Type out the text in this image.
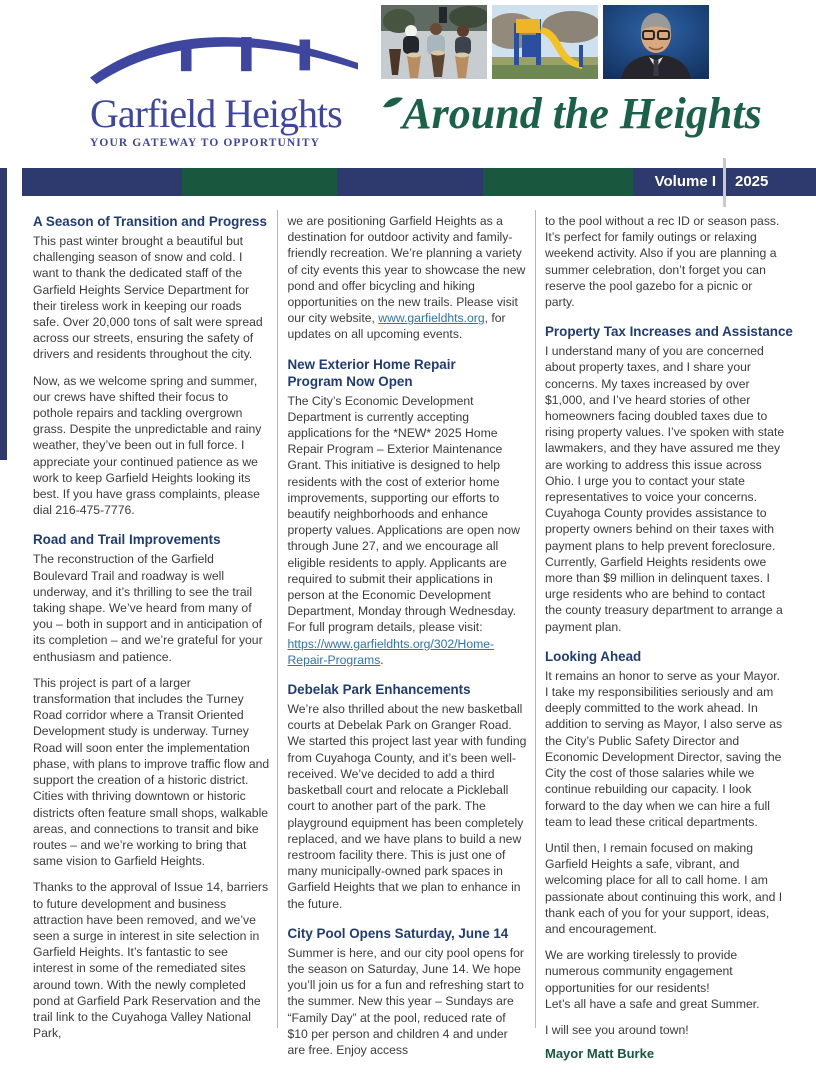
Garfield Heights
YOUR GATEWAY TO OPPORTUNITY
Around the Heights
Volume I 2025
A Season of Transition and Progress

This past winter brought a beautiful but challenging season of snow and cold. I want to thank the dedicated staff of the Garfield Heights Service Department for their tireless work in keeping our roads safe. Over 20,000 tons of salt were spread across our streets, ensuring the safety of drivers and residents throughout the city.

Now, as we welcome spring and summer, our crews have shifted their focus to pothole repairs and tackling overgrown grass. Despite the unpredictable and rainy weather, they’ve been out in full force. I appreciate your continued patience as we work to keep Garfield Heights looking its best. If you have grass complaints, please dial 216-475-7776.

Road and Trail Improvements

The reconstruction of the Garfield Boulevard Trail and roadway is well underway, and it’s thrilling to see the trail taking shape. We’ve heard from many of you – both in support and in anticipation of its completion – and we’re grateful for your enthusiasm and patience.

This project is part of a larger transformation that includes the Turney Road corridor where a Transit Oriented Development study is underway. Turney Road will soon enter the implementation phase, with plans to improve traffic flow and support the creation of a historic district. Cities with thriving downtown or historic districts often feature small shops, walkable areas, and connections to transit and bike routes – and we’re working to bring that same vision to Garfield Heights.

Thanks to the approval of Issue 14, barriers to future development and business attraction have been removed, and we’ve seen a surge in interest in site selection in Garfield Heights. It’s fantastic to see interest in some of the remediated sites around town. With the newly completed pond at Garfield Park Reservation and the trail link to the Cuyahoga Valley National Park,

we are positioning Garfield Heights as a destination for outdoor activity and family-friendly recreation. We’re planning a variety of city events this year to showcase the new pond and offer bicycling and hiking opportunities on the new trails. Please visit our city website, www.garfieldhts.org, for updates on all upcoming events.

New Exterior Home Repair
Program Now Open

The City’s Economic Development Department is currently accepting applications for the *NEW* 2025 Home Repair Program – Exterior Maintenance Grant. This initiative is designed to help residents with the cost of exterior home improvements, supporting our efforts to beautify neighborhoods and enhance property values. Applications are open now through June 27, and we encourage all eligible residents to apply. Applicants are required to submit their applications in person at the Economic Development Department, Monday through Wednesday. For full program details, please visit: https://www.garfieldhts.org/302/Home-Repair-Programs.

Debelak Park Enhancements

We’re also thrilled about the new basketball courts at Debelak Park on Granger Road. We started this project last year with funding from Cuyahoga County, and it’s been well-received. We’ve decided to add a third basketball court and relocate a Pickleball court to another part of the park. The playground equipment has been completely replaced, and we have plans to build a new restroom facility there. This is just one of many municipally-owned park spaces in Garfield Heights that we plan to enhance in the future.

City Pool Opens Saturday, June 14

Summer is here, and our city pool opens for the season on Saturday, June 14. We hope you’ll join us for a fun and refreshing start to the summer. New this year – Sundays are “Family Day” at the pool, reduced rate of $10 per person and children 4 and under are free. Enjoy access

to the pool without a rec ID or season pass. It’s perfect for family outings or relaxing weekend activity. Also if you are planning a summer celebration, don’t forget you can reserve the pool gazebo for a picnic or party.

Property Tax Increases and Assistance

I understand many of you are concerned about property taxes, and I share your concerns. My taxes increased by over $1,000, and I’ve heard stories of other homeowners facing doubled taxes due to rising property values. I’ve spoken with state lawmakers, and they have assured me they are working to address this issue across Ohio. I urge you to contact your state representatives to voice your concerns. Cuyahoga County provides assistance to property owners behind on their taxes with payment plans to help prevent foreclosure. Currently, Garfield Heights residents owe more than $9 million in delinquent taxes. I urge residents who are behind to contact the county treasury department to arrange a payment plan.

Looking Ahead

It remains an honor to serve as your Mayor. I take my responsibilities seriously and am deeply committed to the work ahead. In addition to serving as Mayor, I also serve as the City’s Public Safety Director and Economic Development Director, saving the City the cost of those salaries while we continue rebuilding our capacity. I look forward to the day when we can hire a full team to lead these critical departments.

Until then, I remain focused on making Garfield Heights a safe, vibrant, and welcoming place for all to call home. I am passionate about continuing this work, and I thank each of you for your support, ideas, and encouragement.

We are working tirelessly to provide numerous community engagement opportunities for our residents!
Let’s all have a safe and great Summer.

I will see you around town!

Mayor Matt Burke
